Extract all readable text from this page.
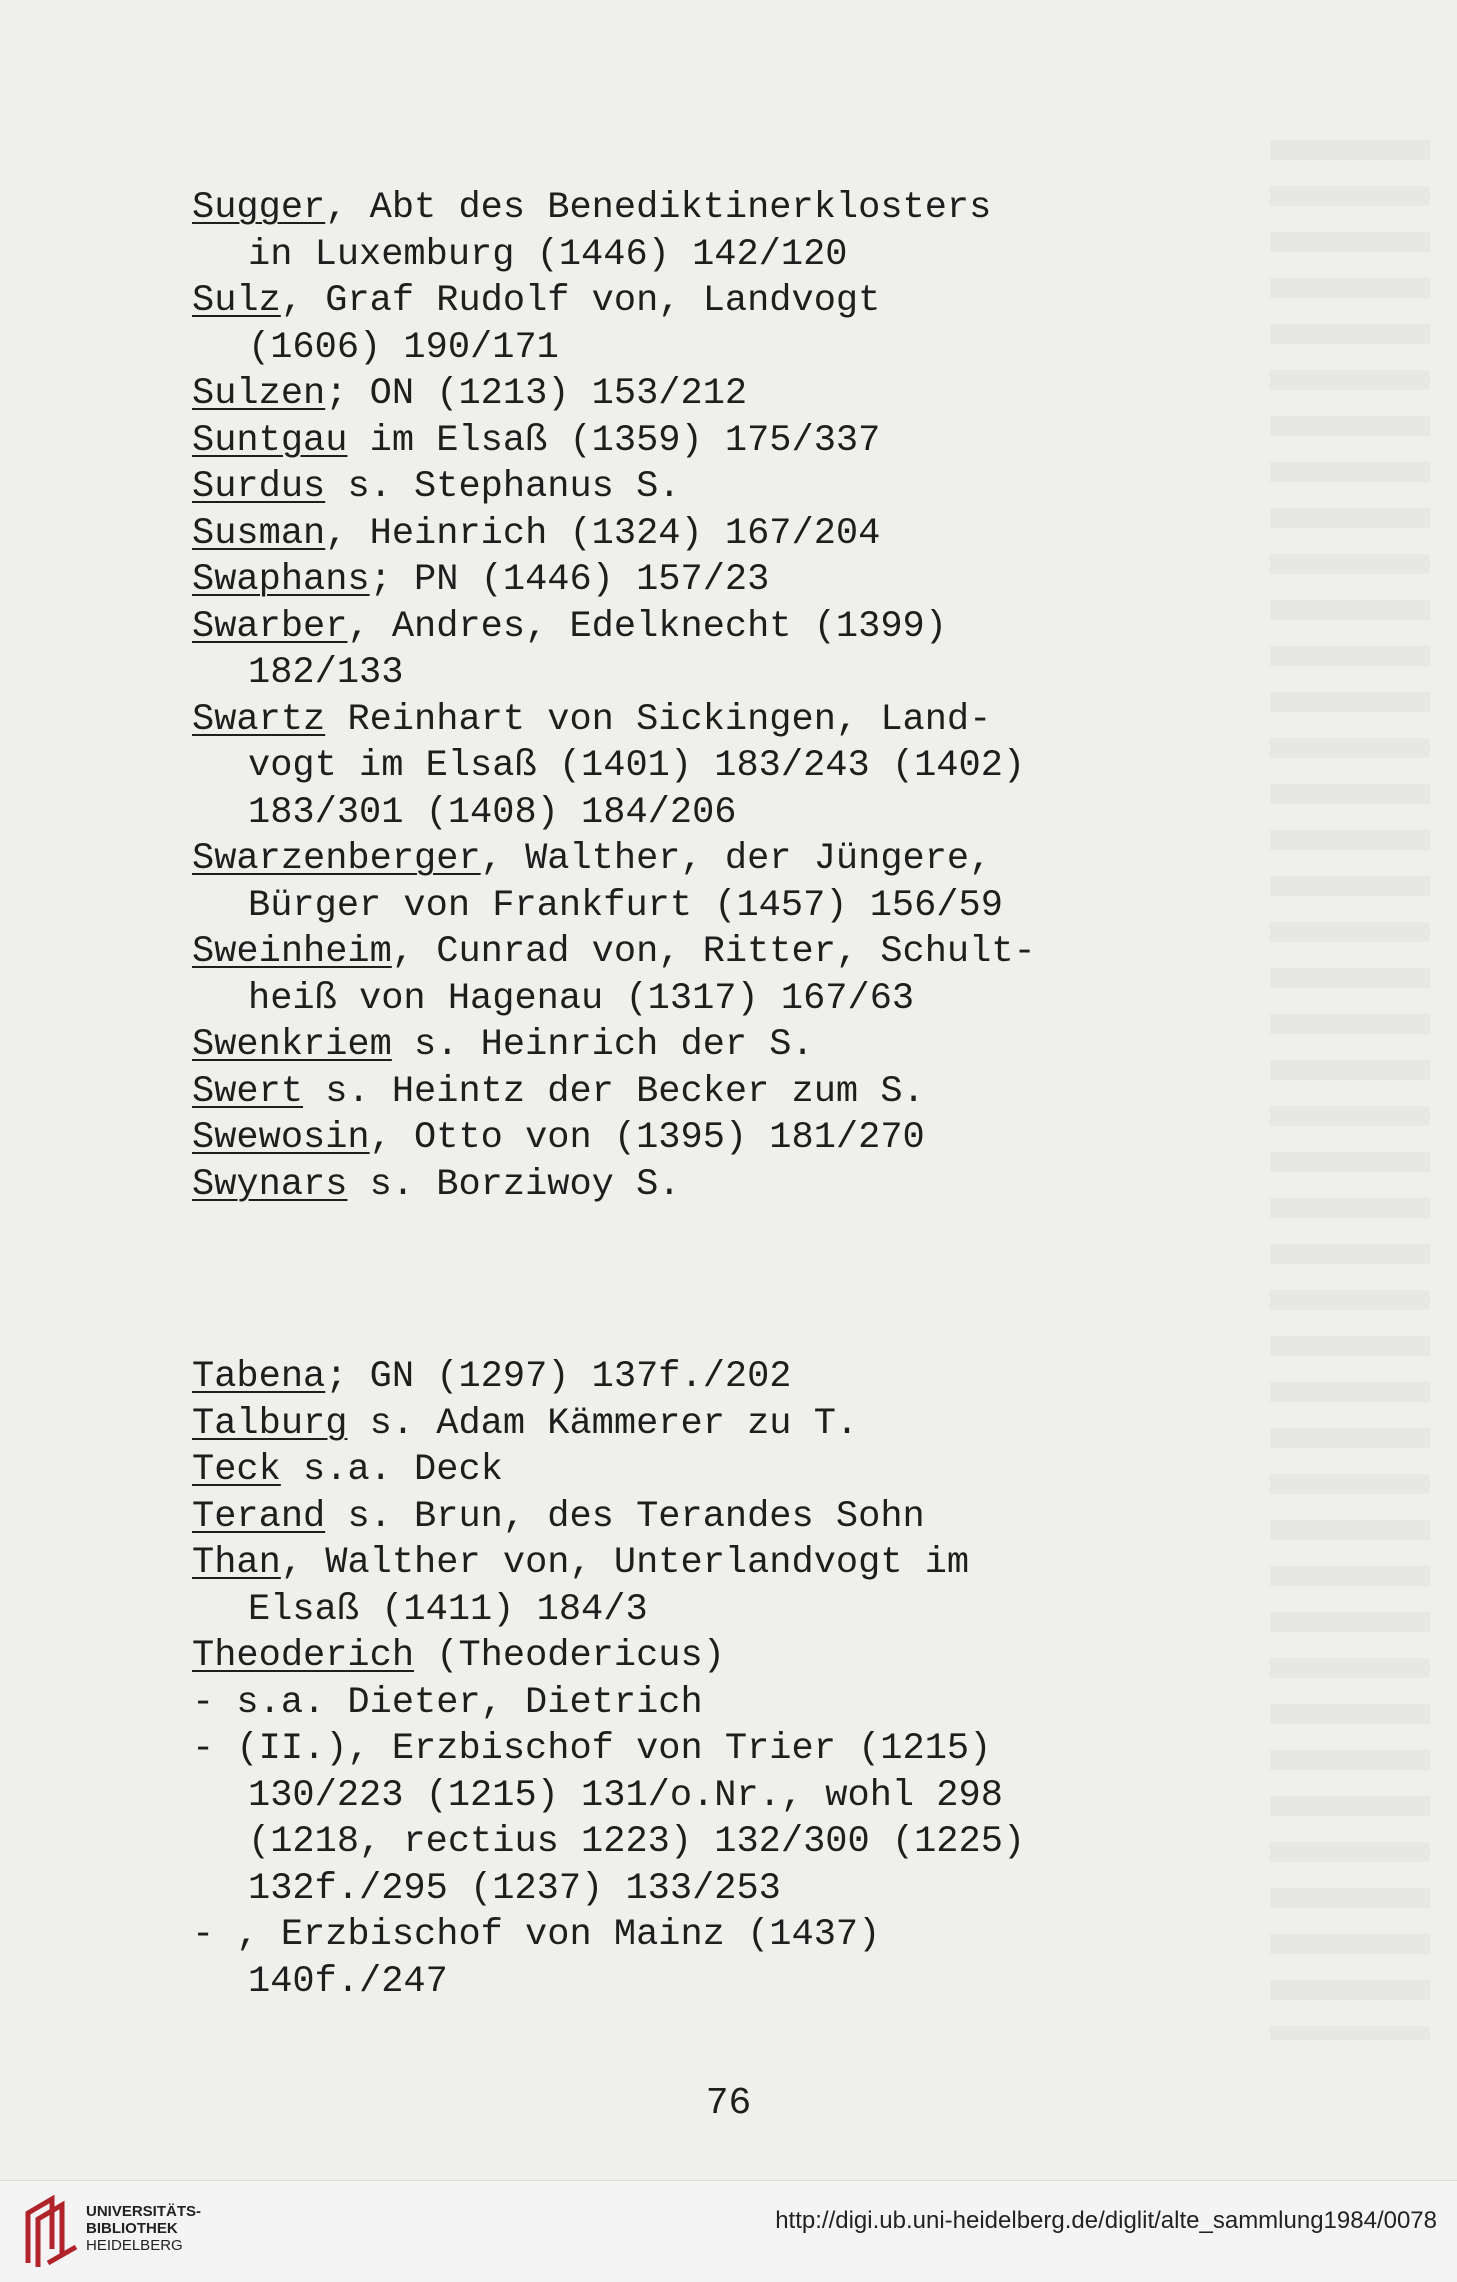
Sugger, Abt des Benediktinerklosters
in Luxemburg (1446) 142/120
Sulz, Graf Rudolf von, Landvogt
(1606) 190/171
Sulzen; ON (1213) 153/212
Suntgau im Elsaß (1359) 175/337
Surdus s. Stephanus S.
Susman, Heinrich (1324) 167/204
Swaphans; PN (1446) 157/23
Swarber, Andres, Edelknecht (1399)
182/133
Swartz Reinhart von Sickingen, Land-
vogt im Elsaß (1401) 183/243 (1402)
183/301 (1408) 184/206
Swarzenberger, Walther, der Jüngere,
Bürger von Frankfurt (1457) 156/59
Sweinheim, Cunrad von, Ritter, Schult-
heiß von Hagenau (1317) 167/63
Swenkriem s. Heinrich der S.
Swert s. Heintz der Becker zum S.
Swewosin, Otto von (1395) 181/270
Swynars s. Borziwoy S.
Tabena; GN (1297) 137f./202
Talburg s. Adam Kämmerer zu T.
Teck s.a. Deck
Terand s. Brun, des Terandes Sohn
Than, Walther von, Unterlandvogt im
Elsaß (1411) 184/3
Theoderich (Theodericus)
- s.a. Dieter, Dietrich
- (II.), Erzbischof von Trier (1215)
130/223 (1215) 131/o.Nr., wohl 298
(1218, rectius 1223) 132/300 (1225)
132f./295 (1237) 133/253
- , Erzbischof von Mainz (1437)
140f./247
76
UNIVERSITÄTS-
BIBLIOTHEK
HEIDELBERG
http://digi.ub.uni-heidelberg.de/diglit/alte_sammlung1984/0078
